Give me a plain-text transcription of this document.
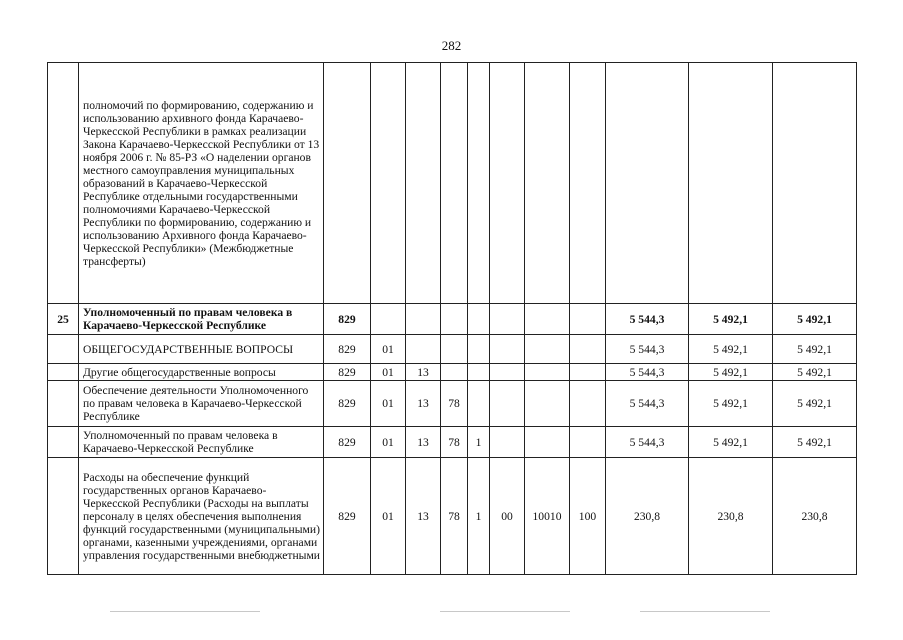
282
	полномочий по формированию, содержанию и использованию архивного фонда Карачаево-Черкесской Республики в рамках реализации Закона Карачаево-Черкесской Республики от 13 ноября 2006 г. № 85-РЗ «О наделении органов местного самоуправления муниципальных образований в Карачаево-Черкесской Республике отдельными государственными полномочиями Карачаево-Черкесской Республики по формированию, содержанию и использованию Архивного фонда Карачаево-Черкесской Республики» (Межбюджетные трансферты)											
25	Уполномоченный по правам человека в Карачаево-Черкесской Республике	829								5 544,3	5 492,1	5 492,1
	ОБЩЕГОСУДАРСТВЕННЫЕ ВОПРОСЫ	829	01							5 544,3	5 492,1	5 492,1
	Другие общегосударственные вопросы	829	01	13						5 544,3	5 492,1	5 492,1
	Обеспечение деятельности Уполномоченного по правам человека в Карачаево-Черкесской Республике	829	01	13	78					5 544,3	5 492,1	5 492,1
	Уполномоченный по правам человека в Карачаево-Черкесской Республике	829	01	13	78	1				5 544,3	5 492,1	5 492,1
	Расходы на обеспечение функций государственных органов Карачаево-Черкесской Республики (Расходы на выплаты персоналу в целях обеспечения выполнения функций государственными (муниципальными) органами, казенными учреждениями, органами управления государственными внебюджетными	829	01	13	78	1	00	10010	100	230,8	230,8	230,8
